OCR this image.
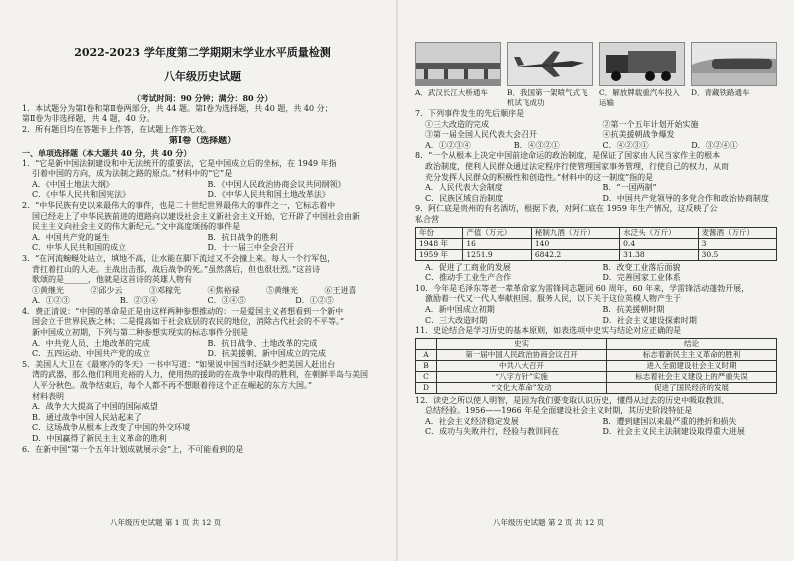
2022-2023 学年度第二学期期末学业水平质量检测

八年级历史试题

（考试时间：90 分钟；满分：80 分）

1．本试题分为第Ⅰ卷和第Ⅱ卷两部分，共 44 题。第Ⅰ卷为选择题，共 40 题，共 40 分；

第Ⅱ卷为非选择题，共 4 题，40 分。

2．所有题目均在答题卡上作答，在试题上作答无效。

第Ⅰ卷（选择题）

一、单项选择题（本大题共 40 分，共 40 分）

1．“它是新中国法制建设和中无法统开的重要法，它是中国成立后的坐标，在 1949 年指

引着中国的方向，成为法制之路的原点。”材料中的“它”是

A．《中国土地法大纲》	B．《中国人民政治协商会议共同纲领》
C．《中华人民共和国宪法》	D．《中华人民共和国土地改革法》

2．“中华民族有史以来最伟大的事件，也是二十世纪世界最伟大的事件之一，它标志着中

国已经走上了中华民族前进的道路向以建设社会主义新社会主义开始，它开辟了中国社会由新

民主主义向社会主义的伟大新纪元。”文中高度颂扬的事件是

A．中国共产党的诞生	B．抗日战争的胜利
C．中华人民共和国的成立	D．十一届三中全会召开

3．“在河流蜿蜒处站立，填地不高，让水能在脚下流过又不会撞上来。每人一个行军包，

背扛着扛山的人走。主战出击那，战后战争的死。”虽然落后，但也很壮烈。”这首诗

歌颂的是______，他就是这首诗的英雄人物有

①黄继光	②邱少云	③邓稼先	④焦裕禄	⑤黄继光	⑥王进喜
A．①②③	B．②③④	C．③④⑤	D．①②⑤

4．费正清说：“中国的革命是正是由这样两种参想推动的：一是爱国主义者想看到一个新中

国会立于世界民族之林；二是提高如于社会底层的农民的地位，消除古代社会的不平等。”

新中国成立初期，下列与第二种参想实现实的标志事件分别是

A．中共党人员、土地改革的完成	B．抗日战争、土地改革的完成
C．五四运动、中国共产党的成立	D．抗美援朝、新中国成立的完成

5．美国人大卫在《最寒冷的冬天》一书中写道：“如果说中国当时还缺少把美国人赶出台

湾的武器，那么他们利用充裕的人力，使用热的援助的在战争中取得的胜利，在朝鲜半岛与美国

人平分秋色。战争结束后，每个人都不再不想眼着待这个正在崛起的东方大国。”

材料表明

A．战争大大提高了中国的国际威望

B．通过战争中国人民站起来了

C．这场战争从根本上改变了中国的外交环境

D．中国赢得了新民主主义革命的胜利

6．在新中国“第一个五年计划成就展示会”上，不可能看到的是

八年级历史试题 第 1 页 共 12 页

A．武汉长江大桥通车	B．我国第一架喷气式飞机试飞成功
C．解放牌载重汽车投入运输
D．青藏铁路通车

7．下列事件发生的先后顺序是

①三大改造的完成	②第一个五年计划开始实施
③第一届全国人民代表大会召开	④抗美援朝战争爆发
A．①②③④	B．④③②①	C．④②③①	D．③②④①

8．“一个从根本上决定中国前途命运的政治制度，是保证了国家由人民当家作主的根本

政治制度，使利人民群众通过法定程序行使管理国家事务管理，行使自己的权力，从而

充分发挥人民群众的积极性和创造性。”材料中的这一制度”指的是

A．人民代表大会制度	B．“一国两制”
C．民族区域自治制度	D．中国共产党领导的多党合作和政治协商制度

9．阿仁底是贵州的有名酒坊，根据下表，对阿仁底在 1959 年生产情况，这反映了公

私合营

年份	产值（万元）	秘制九酒（万斤）	水泛头（万斤）	麦酱酒（万斤）
1948 年	16	140	0.4	3
1959 年	1251.9	6842.2	31.38	30.5
A．促进了工商业的发展	B．改变工业落后面貌
C．推动手工业生产合作	D．完善国家工业体系

10．今年是毛泽东等老一辈革命家为雷锋同志题词 60 周年，60 年来，学雷锋活动蓬勃开展，

激励着一代又一代人奉献担国、服务人民，以下关于这位英模人物产生于

A．新中国成立初期	B．抗美援朝时期
C．三大改造时期	D．社会主义建设探索时期

11．史论结合是学习历史的基本原则，如表选项中史实与结论对应正确的是

	史实	结论
A	第一届中国人民政治协商会议召开	标志着新民主主义革命的胜利
B	中共八大召开	进入全面建设社会主义时期
C	“八字方针”实施	标志着社会主义建设上的严重失误
D	“文化大革命”发动	促进了国民经济的发展

12．读史之所以使人明智，是因为我们要变取认识历史，懂得从过去的历史中吸取教训、

总结经验。1956——1966 年是全面建设社会主义时期，其历史阶段特征是

A．社会主义经济稳定发展	B．遭到建国以来最严重的挫折和损失
C．成功与失败并行，经验与教训同在	D．社会主义民主法制建设取得重大进展

八年级历史试题 第 2 页 共 12 页
